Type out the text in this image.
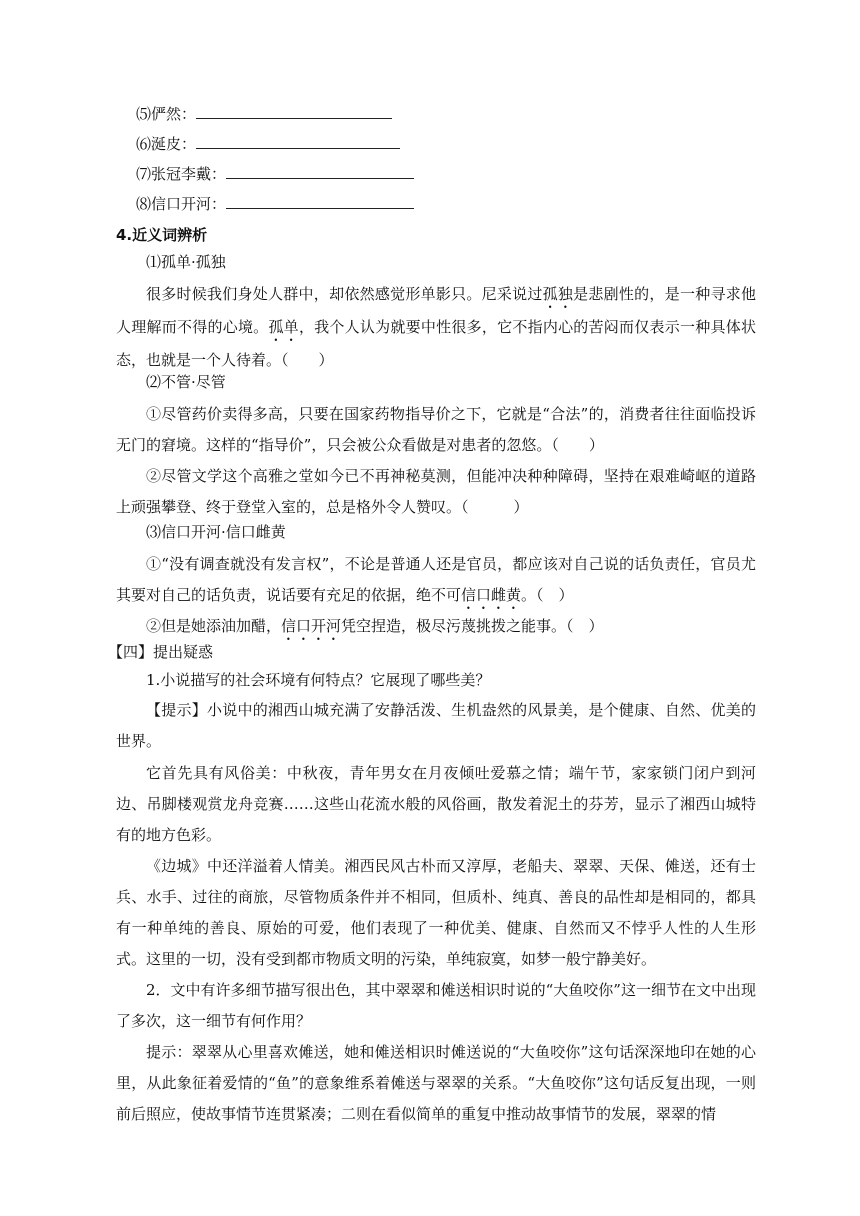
⑸俨然：
⑹涎皮：
⑺张冠李戴：
⑻信口开河：
4.近义词辨析
⑴孤单·孤独

很多时候我们身处人群中，却依然感觉形单影只。尼采说过孤独是悲剧性的，是一种寻求他人理解而不得的心境。孤单，我个人认为就要中性很多，它不指内心的苦闷而仅表示一种具体状态，也就是一个人待着。（　　）

⑵不管·尽管

①尽管药价卖得多高，只要在国家药物指导价之下，它就是“合法”的，消费者往往面临投诉无门的窘境。这样的“指导价”，只会被公众看做是对患者的忽悠。（　　）

②尽管文学这个高雅之堂如今已不再神秘莫测，但能冲决种种障碍，坚持在艰难崎岖的道路上顽强攀登、终于登堂入室的，总是格外令人赞叹。（　　　）

⑶信口开河·信口雌黄

①“没有调查就没有发言权”，不论是普通人还是官员，都应该对自己说的话负责任，官员尤其要对自己的话负责，说话要有充足的依据，绝不可信口雌黄。（　）

②但是她添油加醋，信口开河凭空捏造，极尽污蔑挑拨之能事。（　）

【四】提出疑惑

1.小说描写的社会环境有何特点？它展现了哪些美？

【提示】小说中的湘西山城充满了安静活泼、生机盎然的风景美，是个健康、自然、优美的世界。

它首先具有风俗美：中秋夜，青年男女在月夜倾吐爱慕之情；端午节，家家锁门闭户到河边、吊脚楼观赏龙舟竞赛……这些山花流水般的风俗画，散发着泥土的芬芳，显示了湘西山城特有的地方色彩。

《边城》中还洋溢着人情美。湘西民风古朴而又淳厚，老船夫、翠翠、天保、傩送，还有士兵、水手、过往的商旅，尽管物质条件并不相同，但质朴、纯真、善良的品性却是相同的，都具有一种单纯的善良、原始的可爱，他们表现了一种优美、健康、自然而又不悖乎人性的人生形式。这里的一切，没有受到都市物质文明的污染，单纯寂寞，如梦一般宁静美好。

2．文中有许多细节描写很出色，其中翠翠和傩送相识时说的“大鱼咬你”这一细节在文中出现了多次，这一细节有何作用？

提示：翠翠从心里喜欢傩送，她和傩送相识时傩送说的“大鱼咬你”这句话深深地印在她的心里，从此象征着爱情的“鱼”的意象维系着傩送与翠翠的关系。“大鱼咬你”这句话反复出现，一则前后照应，使故事情节连贯紧凑；二则在看似简单的重复中推动故事情节的发展，翠翠的情
